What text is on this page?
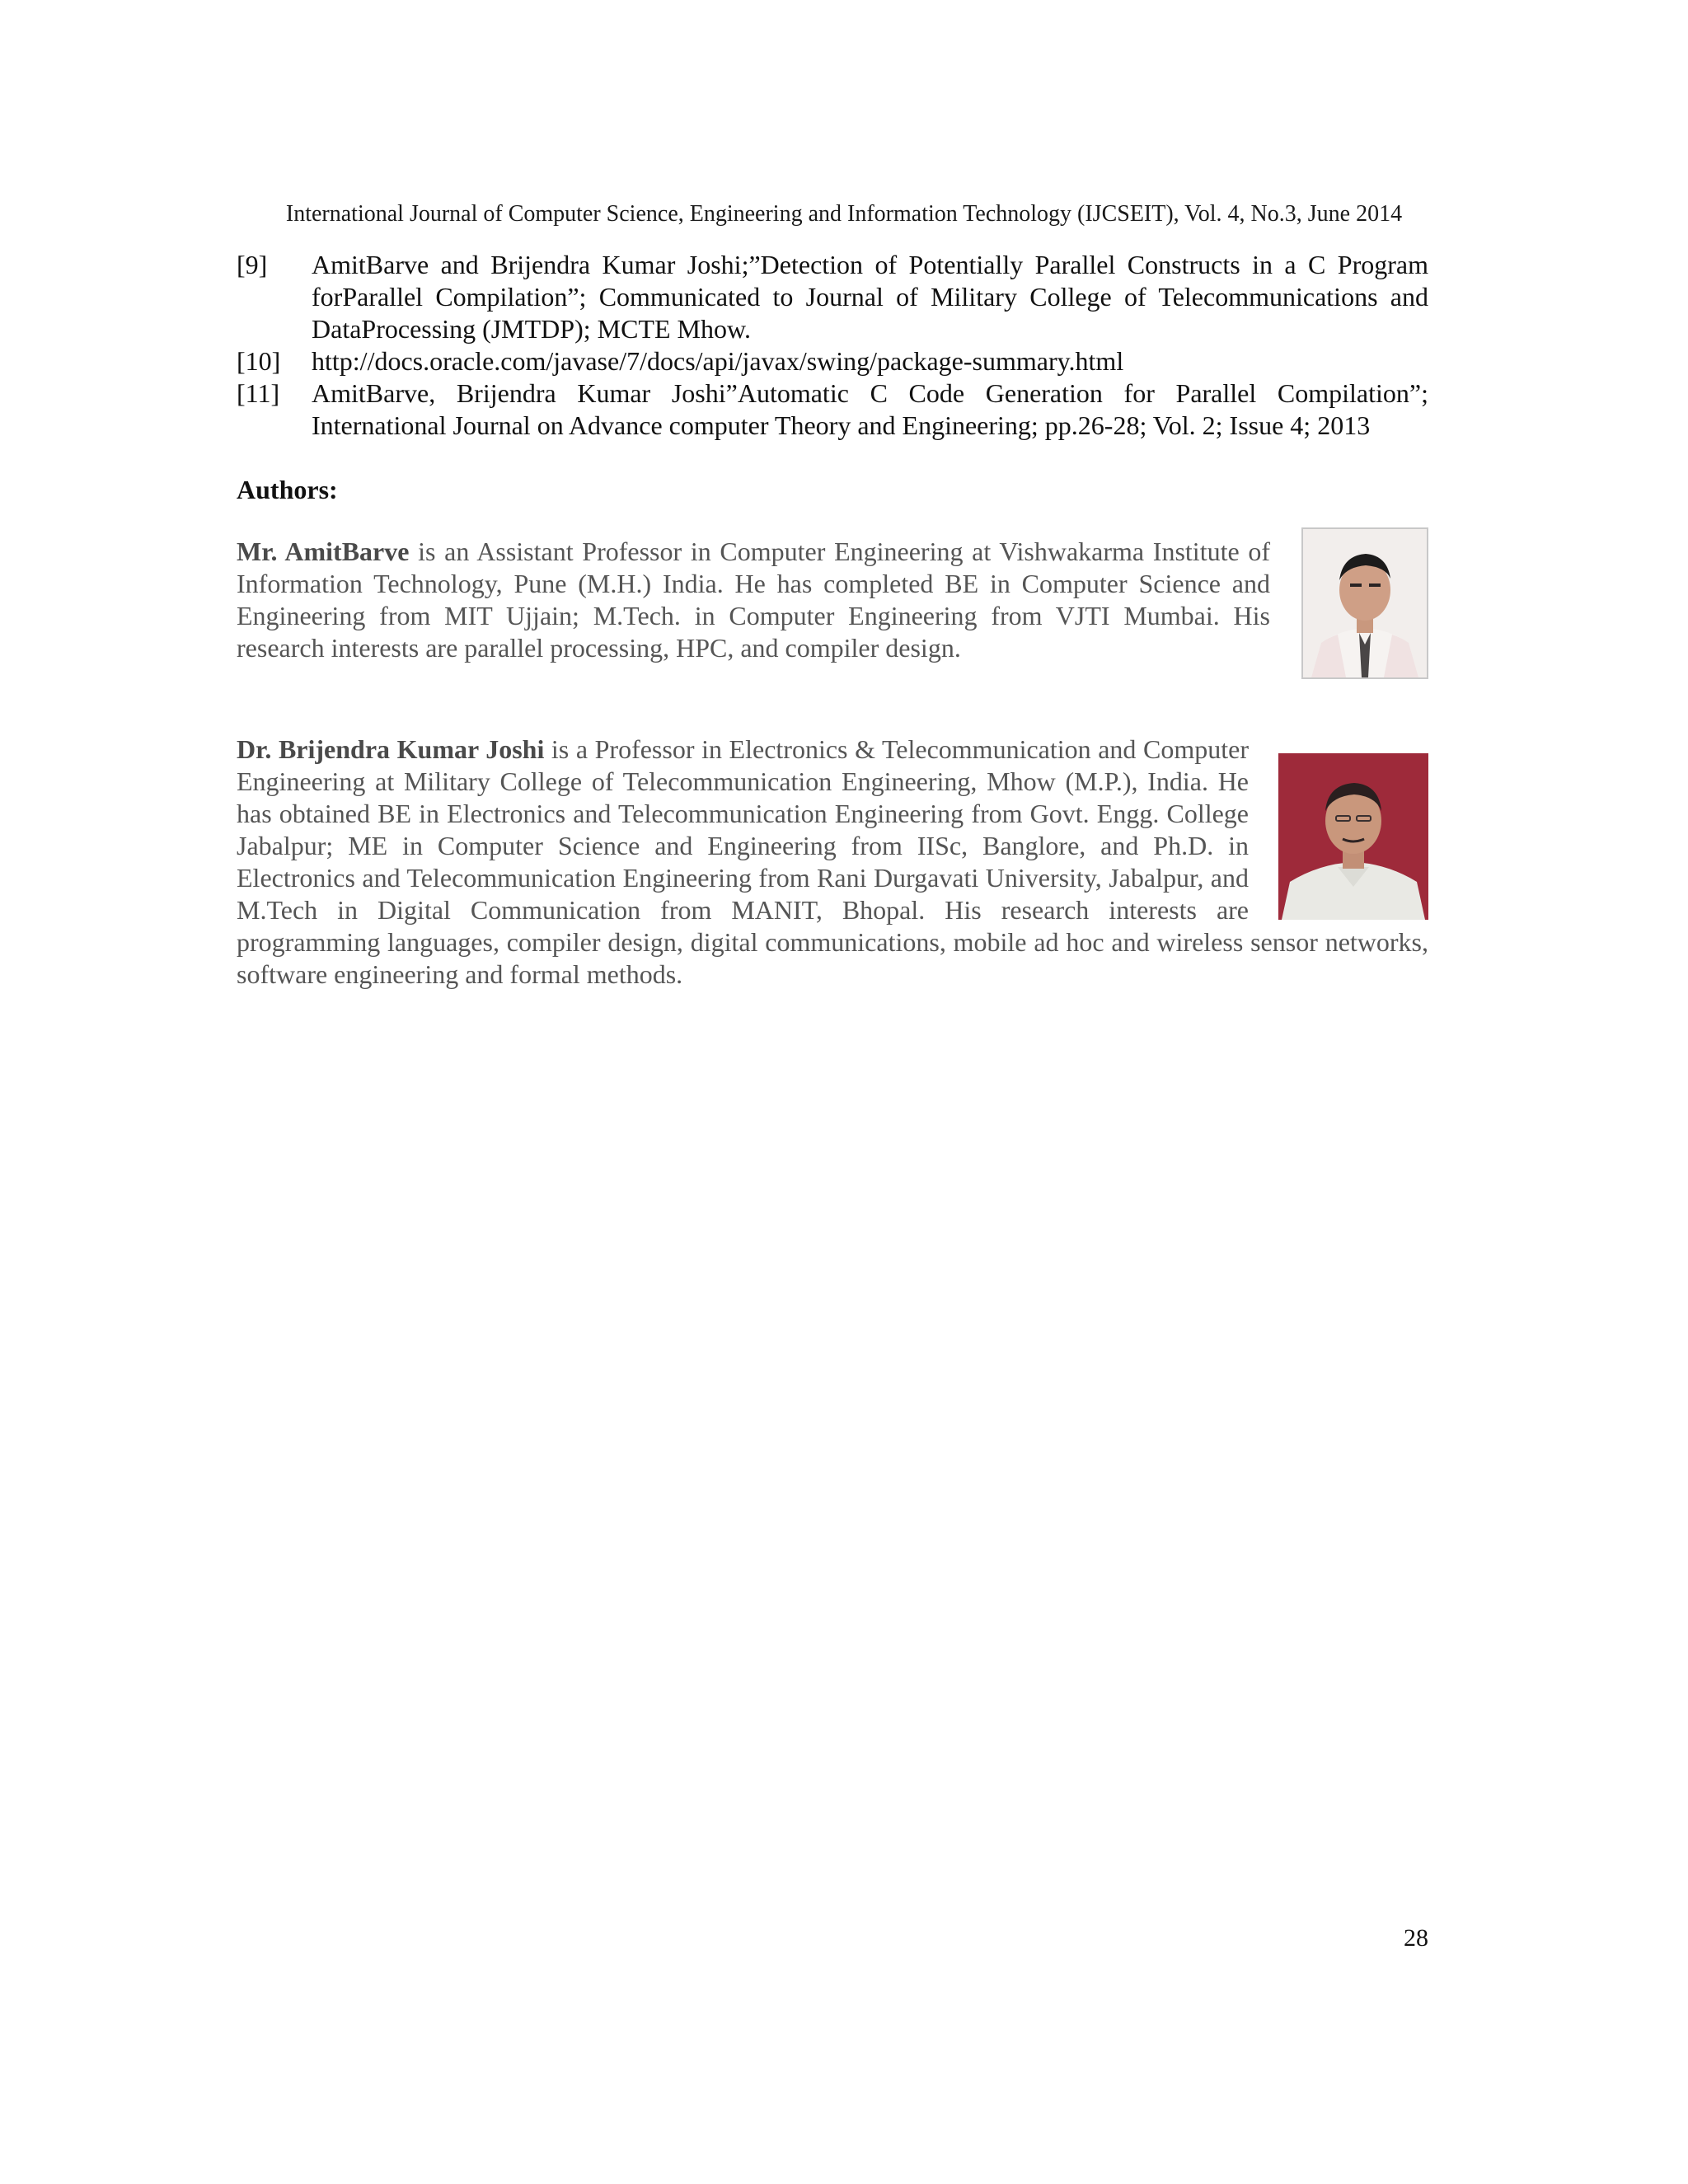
International Journal of Computer Science, Engineering and Information Technology (IJCSEIT), Vol. 4, No.3, June 2014
[9]	AmitBarve and Brijendra Kumar Joshi;”Detection of Potentially Parallel Constructs in a C Program forParallel Compilation”; Communicated to Journal of Military College of Telecommunications and DataProcessing (JMTDP); MCTE Mhow.
[10]	http://docs.oracle.com/javase/7/docs/api/javax/swing/package-summary.html
[11]	AmitBarve, Brijendra Kumar Joshi”Automatic C Code Generation for Parallel Compilation”; International Journal on Advance computer Theory and Engineering; pp.26-28; Vol. 2; Issue 4; 2013
Authors:
Mr. AmitBarve is an Assistant Professor in Computer Engineering at Vishwakarma Institute of Information Technology, Pune (M.H.) India. He has completed BE in Computer Science and Engineering from MIT Ujjain; M.Tech. in Computer Engineering from VJTI Mumbai. His research interests are parallel processing, HPC, and compiler design.
Dr. Brijendra Kumar Joshi is a Professor in Electronics & Telecommunication and Computer Engineering at Military College of Telecommunication Engineering, Mhow (M.P.), India. He has obtained BE in Electronics and Telecommunication Engineering from Govt. Engg. College Jabalpur; ME in Computer Science and Engineering from IISc, Banglore, and Ph.D. in Electronics and Telecommunication Engineering from Rani Durgavati University, Jabalpur, and M.Tech in Digital Communication from MANIT, Bhopal. His research interests are programming languages, compiler design, digital communications, mobile ad hoc and wireless sensor networks, software engineering and formal methods.
28
